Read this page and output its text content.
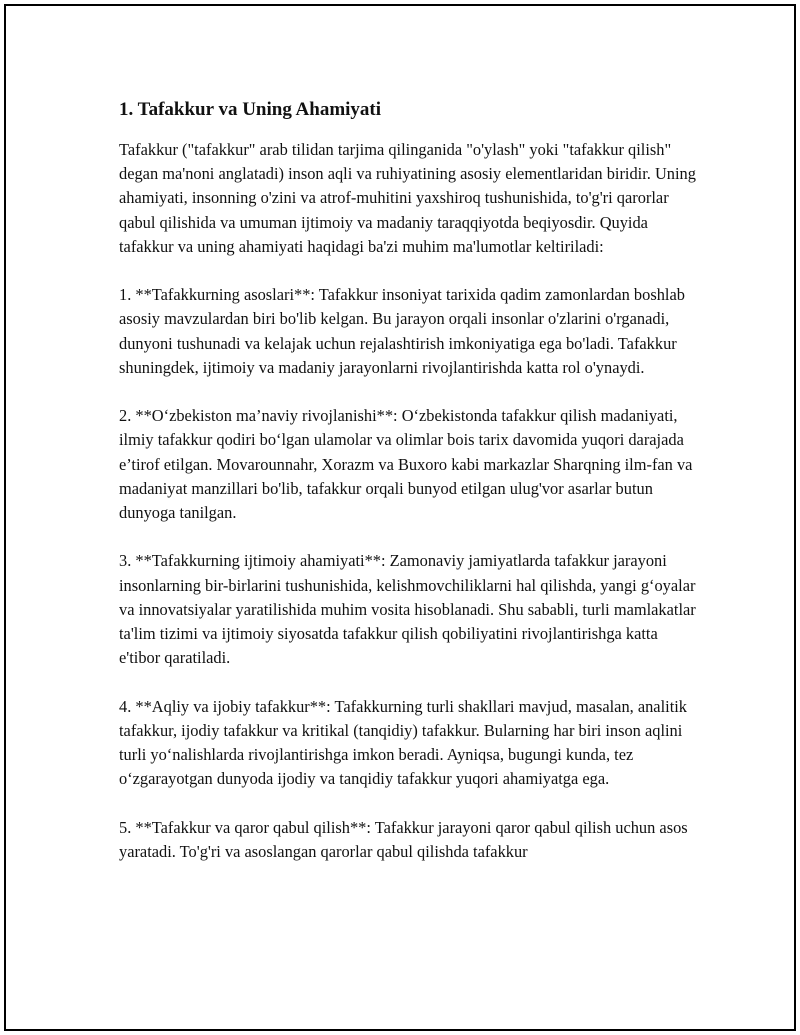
1. Tafakkur va Uning Ahamiyati

Tafakkur ("tafakkur" arab tilidan tarjima qilinganida "o'ylash" yoki "tafakkur qilish" degan ma'noni anglatadi) inson aqli va ruhiyatining asosiy elementlaridan biridir. Uning ahamiyati, insonning o'zini va atrof-muhitini yaxshiroq tushunishida, to'g'ri qarorlar qabul qilishida va umuman ijtimoiy va madaniy taraqqiyotda beqiyosdir. Quyida tafakkur va uning ahamiyati haqidagi ba'zi muhim ma'lumotlar keltiriladi:

1. **Tafakkurning asoslari**: Tafakkur insoniyat tarixida qadim zamonlardan boshlab asosiy mavzulardan biri bo'lib kelgan. Bu jarayon orqali insonlar o'zlarini o'rganadi, dunyoni tushunadi va kelajak uchun rejalashtirish imkoniyatiga ega bo'ladi. Tafakkur shuningdek, ijtimoiy va madaniy jarayonlarni rivojlantirishda katta rol o'ynaydi.

2. **O‘zbekiston ma’naviy rivojlanishi**: O‘zbekistonda tafakkur qilish madaniyati, ilmiy tafakkur qodiri bo‘lgan ulamolar va olimlar bois tarix davomida yuqori darajada e’tirof etilgan. Movarounnahr, Xorazm va Buxoro kabi markazlar Sharqning ilm-fan va madaniyat manzillari bo'lib, tafakkur orqali bunyod etilgan ulug'vor asarlar butun dunyoga tanilgan.

3. **Tafakkurning ijtimoiy ahamiyati**: Zamonaviy jamiyatlarda tafakkur jarayoni insonlarning bir-birlarini tushunishida, kelishmovchiliklarni hal qilishda, yangi g‘oyalar va innovatsiyalar yaratilishida muhim vosita hisoblanadi. Shu sababli, turli mamlakatlar ta'lim tizimi va ijtimoiy siyosatda tafakkur qilish qobiliyatini rivojlantirishga katta e'tibor qaratiladi.

4. **Aqliy va ijobiy tafakkur**: Tafakkurning turli shakllari mavjud, masalan, analitik tafakkur, ijodiy tafakkur va kritikal (tanqidiy) tafakkur. Bularning har biri inson aqlini turli yo‘nalishlarda rivojlantirishga imkon beradi. Ayniqsa, bugungi kunda, tez o‘zgarayotgan dunyoda ijodiy va tanqidiy tafakkur yuqori ahamiyatga ega.

5. **Tafakkur va qaror qabul qilish**: Tafakkur jarayoni qaror qabul qilish uchun asos yaratadi. To'g'ri va asoslangan qarorlar qabul qilishda tafakkur
